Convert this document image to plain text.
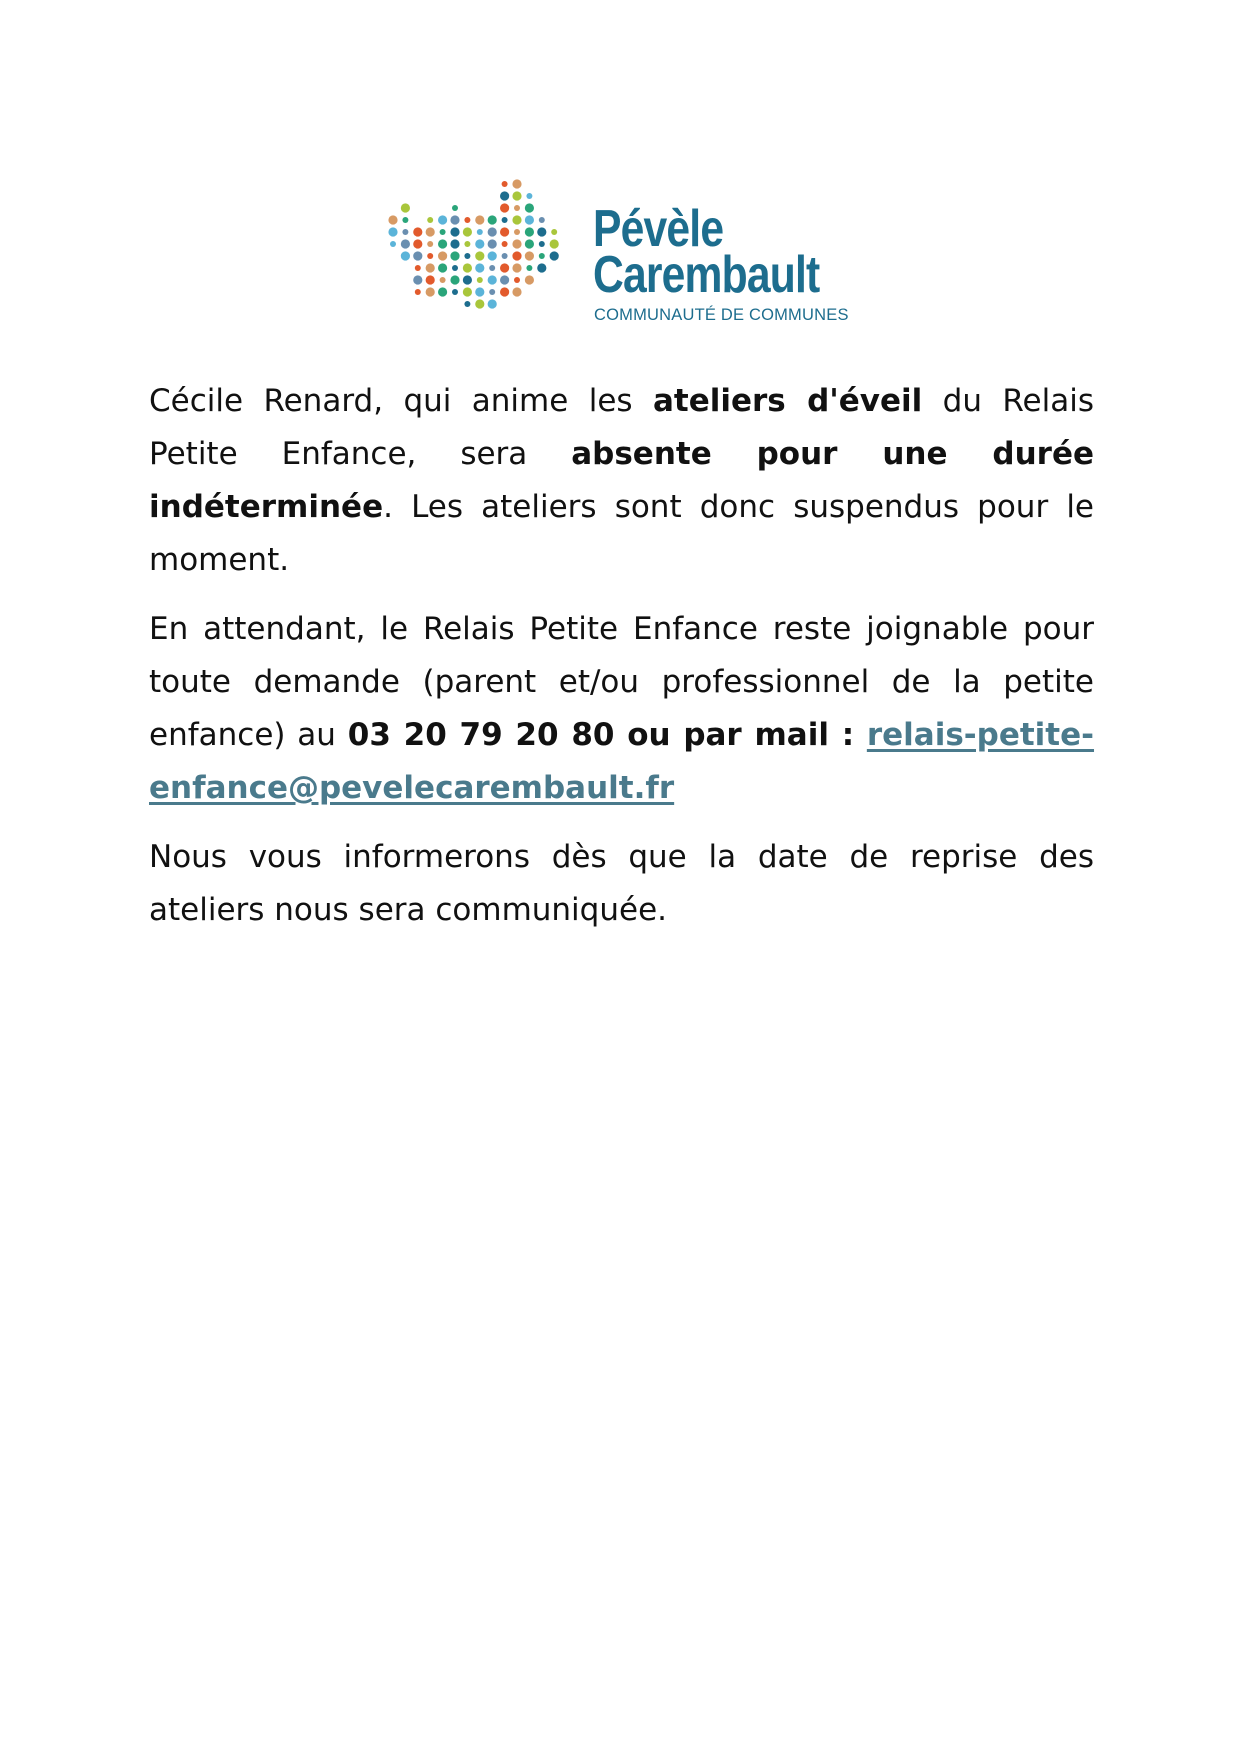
Pévèle
Carembault
COMMUNAUTÉ DE COMMUNES

Cécile Renard, qui anime les ateliers d'éveil du Relais Petite Enfance, sera absente pour une durée indéterminée. Les ateliers sont donc suspendus pour le moment.

En attendant, le Relais Petite Enfance reste joignable pour toute demande (parent et/ou professionnel de la petite enfance) au 03 20 79 20 80 ou par mail : relais-petite-enfance@pevelecarembault.fr

Nous vous informerons dès que la date de reprise des ateliers nous sera communiquée.
